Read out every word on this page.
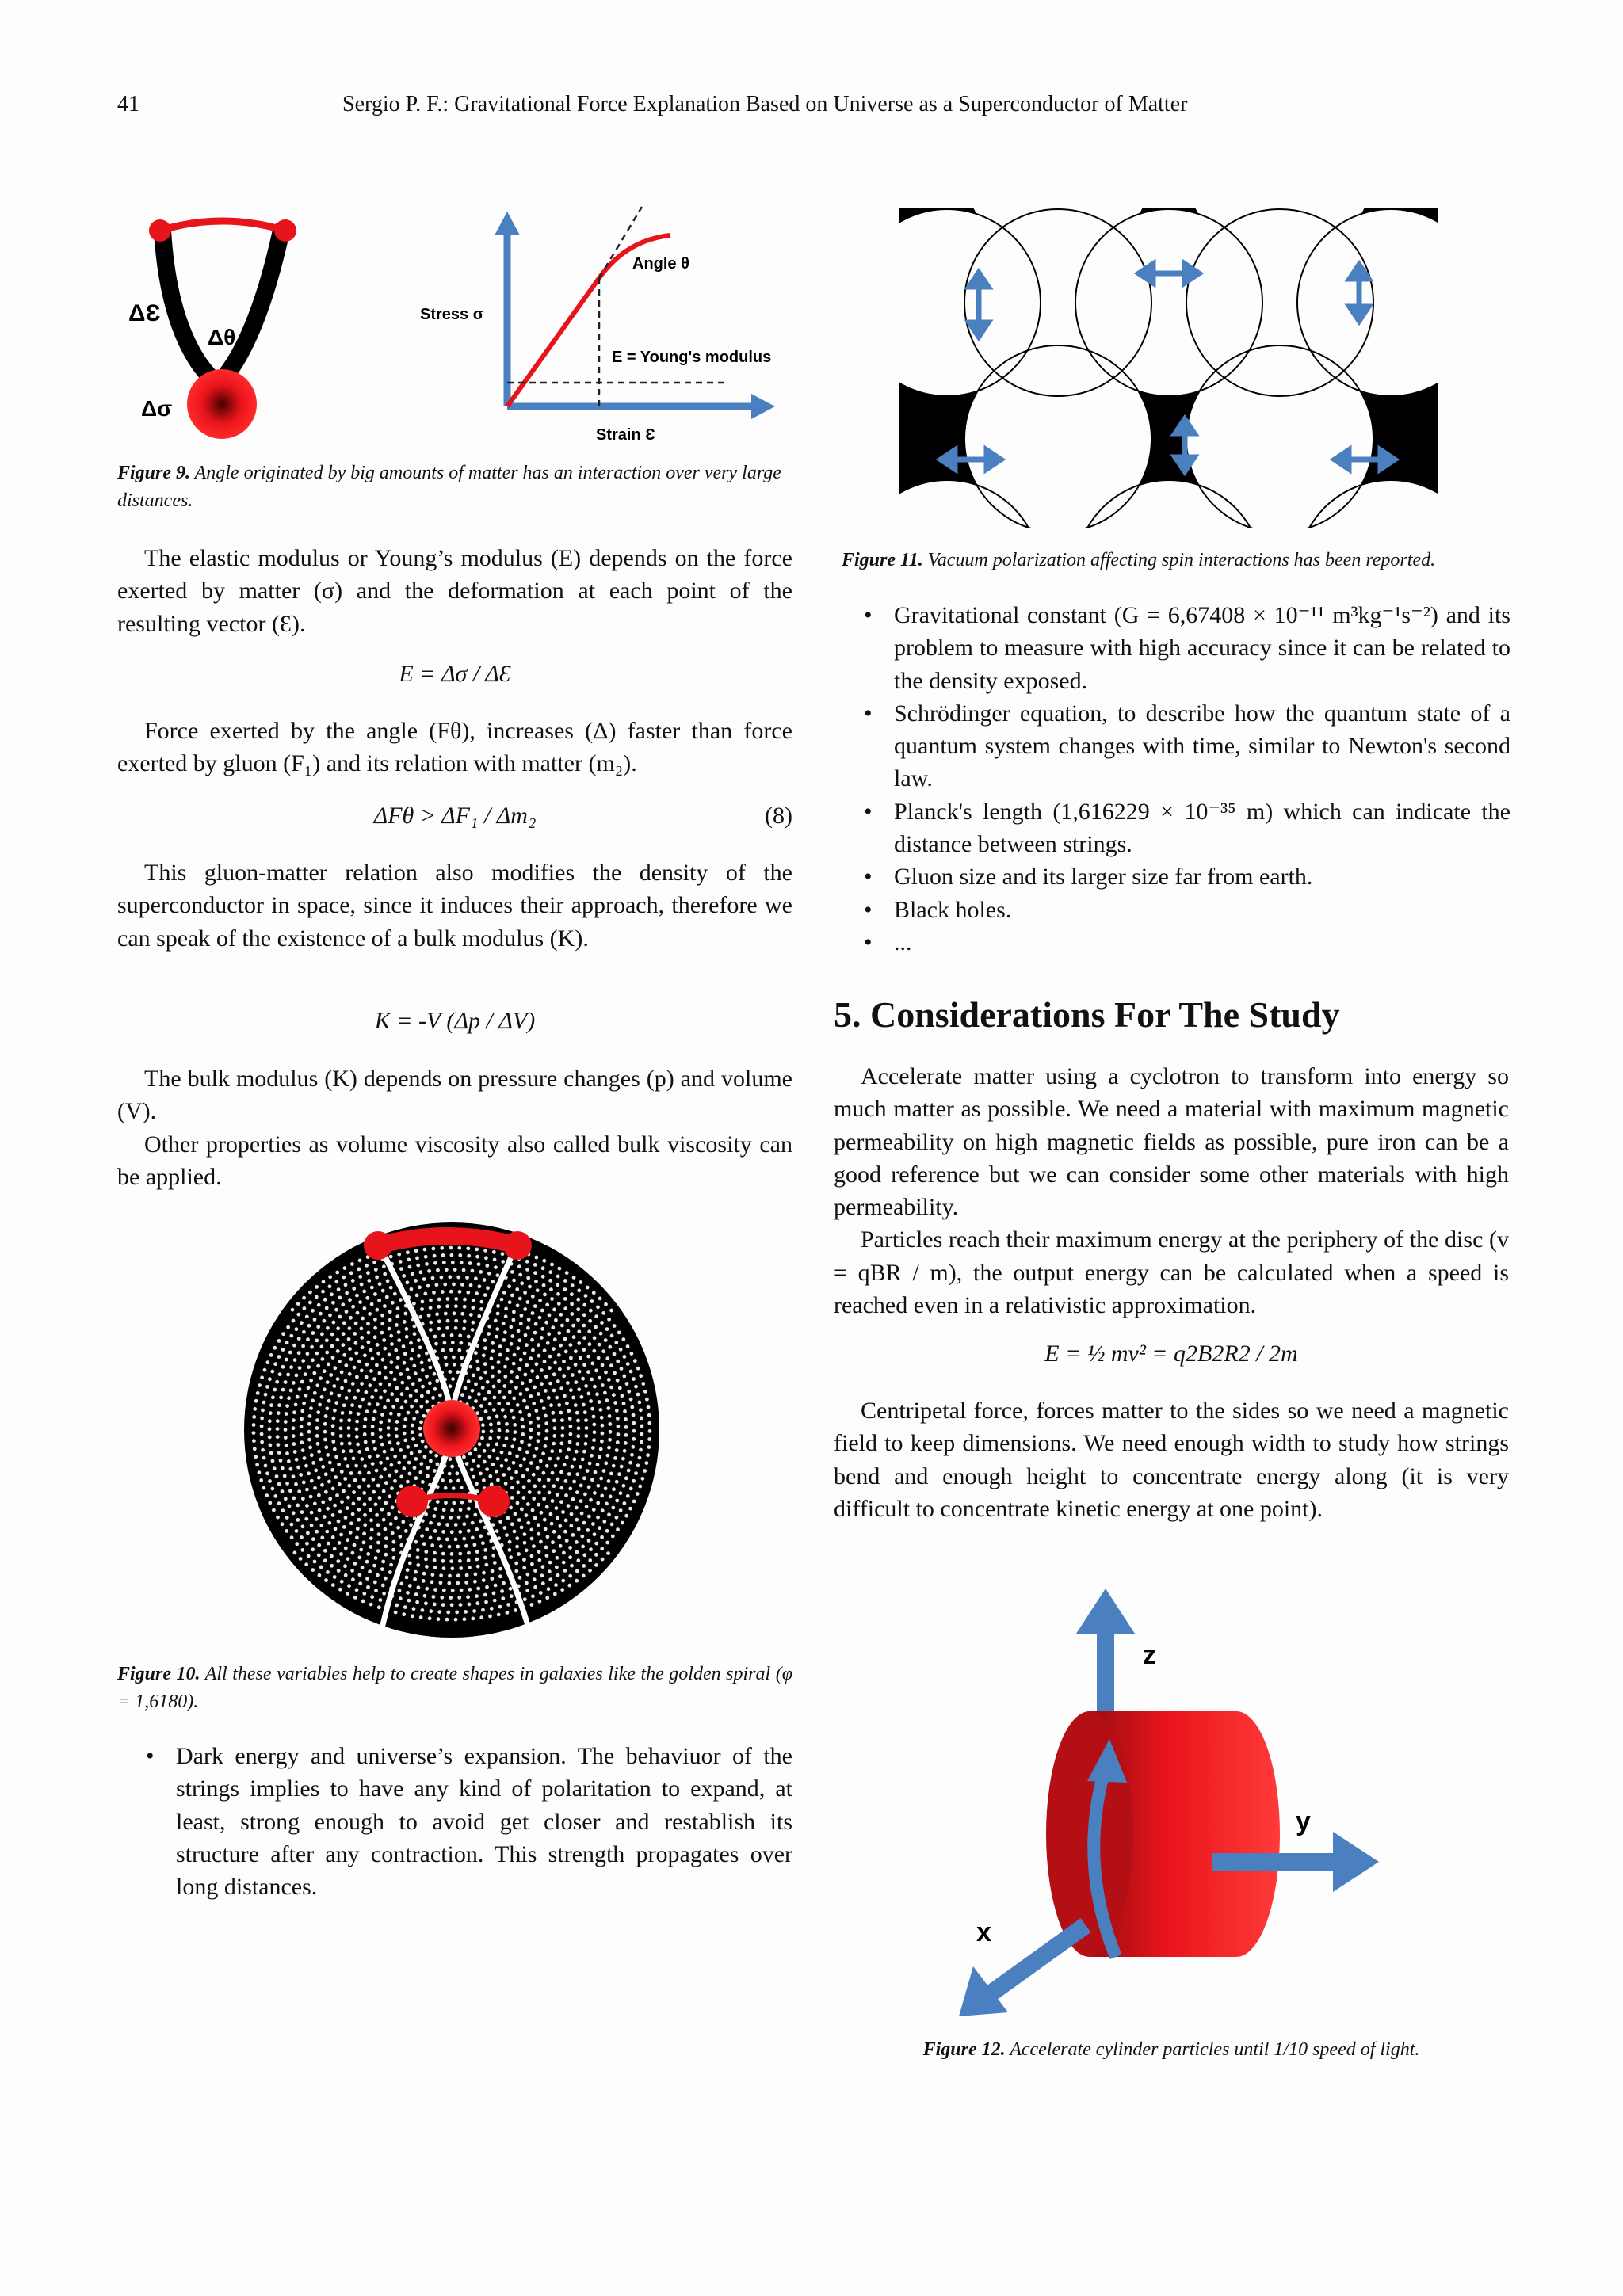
41	Sergio P. F.: Gravitational Force Explanation Based on Universe as a Superconductor of Matter
ΔƐ
Δθ
Δσ
Angle θ
Stress σ
E = Young's modulus
Strain Ɛ
Figure 9. Angle originated by big amounts of matter has an interaction over very large distances.

The elastic modulus or Young’s modulus (E) depends on the force exerted by matter (σ) and the deformation at each point of the resulting vector (Ɛ).

E = Δσ / ΔƐ

Force exerted by the angle (Fθ), increases (Δ) faster than force exerted by gluon (F₁) and its relation with matter (m₂).

ΔFθ > ΔF₁ / Δm₂	(8)

This gluon-matter relation also modifies the density of the superconductor in space, since it induces their approach, therefore we can speak of the existence of a bulk modulus (K).

K = -V (Δp / ΔV)

The bulk modulus (K) depends on pressure changes (p) and volume (V).

Other properties as volume viscosity also called bulk viscosity can be applied.

Figure 10. All these variables help to create shapes in galaxies like the golden spiral (φ = 1,6180).
• Dark energy and universe’s expansion. The behaviuor of the strings implies to have any kind of polaritation to expand, at least, strong enough to avoid get closer and restablish its structure after any contraction. This strength propagates over long distances.
Figure 11. Vacuum polarization affecting spin interactions has been reported.
• Gravitational constant (G = 6,67408 × 10⁻¹¹ m³kg⁻¹s⁻²) and its problem to measure with high accuracy since it can be related to the density exposed.
• Schrödinger equation, to describe how the quantum state of a quantum system changes with time, similar to Newton's second law.
• Planck's length (1,616229 × 10⁻³⁵ m) which can indicate the distance between strings.
• Gluon size and its larger size far from earth.
• Black holes.
• ...
5. Considerations For The Study

Accelerate matter using a cyclotron to transform into energy so much matter as possible. We need a material with maximum magnetic permeability on high magnetic fields as possible, pure iron can be a good reference but we can consider some other materials with high permeability.

Particles reach their maximum energy at the periphery of the disc (v = qBR / m), the output energy can be calculated when a speed is reached even in a relativistic approximation.

E = ½ mv² = q2B2R2 / 2m

Centripetal force, forces matter to the sides so we need a magnetic field to keep dimensions. We need enough width to study how strings bend and enough height to concentrate energy along (it is very difficult to concentrate kinetic energy at one point).

z
y
x
Figure 12. Accelerate cylinder particles until 1/10 speed of light.
